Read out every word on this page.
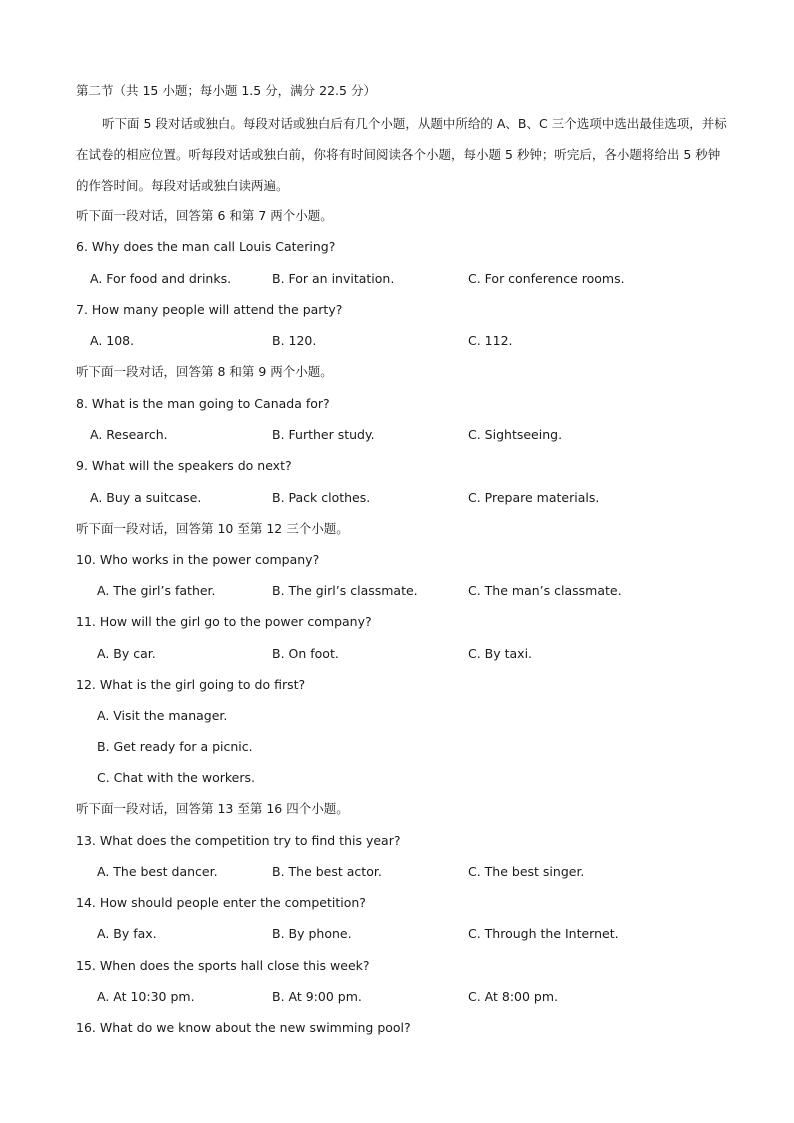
第二节（共 15 小题；每小题 1.5 分，满分 22.5 分）
听下面 5 段对话或独白。每段对话或独白后有几个小题，从题中所给的 A、B、C 三个选项中选出最佳选项，并标在试卷的相应位置。听每段对话或独白前，你将有时间阅读各个小题，每小题 5 秒钟；听完后，各小题将给出 5 秒钟的作答时间。每段对话或独白读两遍。
听下面一段对话，回答第 6 和第 7 两个小题。
6. Why does the man call Louis Catering?
A. For food and drinks.	B. For an invitation.	C. For conference rooms.
7. How many people will attend the party?
A. 108.	B. 120.	C. 112.
听下面一段对话，回答第 8 和第 9 两个小题。
8. What is the man going to Canada for?
A. Research.	B. Further study.	C. Sightseeing.
9. What will the speakers do next?
A. Buy a suitcase.	B. Pack clothes.	C. Prepare materials.
听下面一段对话，回答第 10 至第 12 三个小题。
10. Who works in the power company?
A. The girl’s father.	B. The girl’s classmate.	C. The man’s classmate.
11. How will the girl go to the power company?
A. By car.	B. On foot.	C. By taxi.
12. What is the girl going to do first?
A. Visit the manager.
B. Get ready for a picnic.
C. Chat with the workers.
听下面一段对话，回答第 13 至第 16 四个小题。
13. What does the competition try to find this year?
A. The best dancer.	B. The best actor.	C. The best singer.
14. How should people enter the competition?
A. By fax.	B. By phone.	C. Through the Internet.
15. When does the sports hall close this week?
A. At 10:30 pm.	B. At 9:00 pm.	C. At 8:00 pm.
16. What do we know about the new swimming pool?
